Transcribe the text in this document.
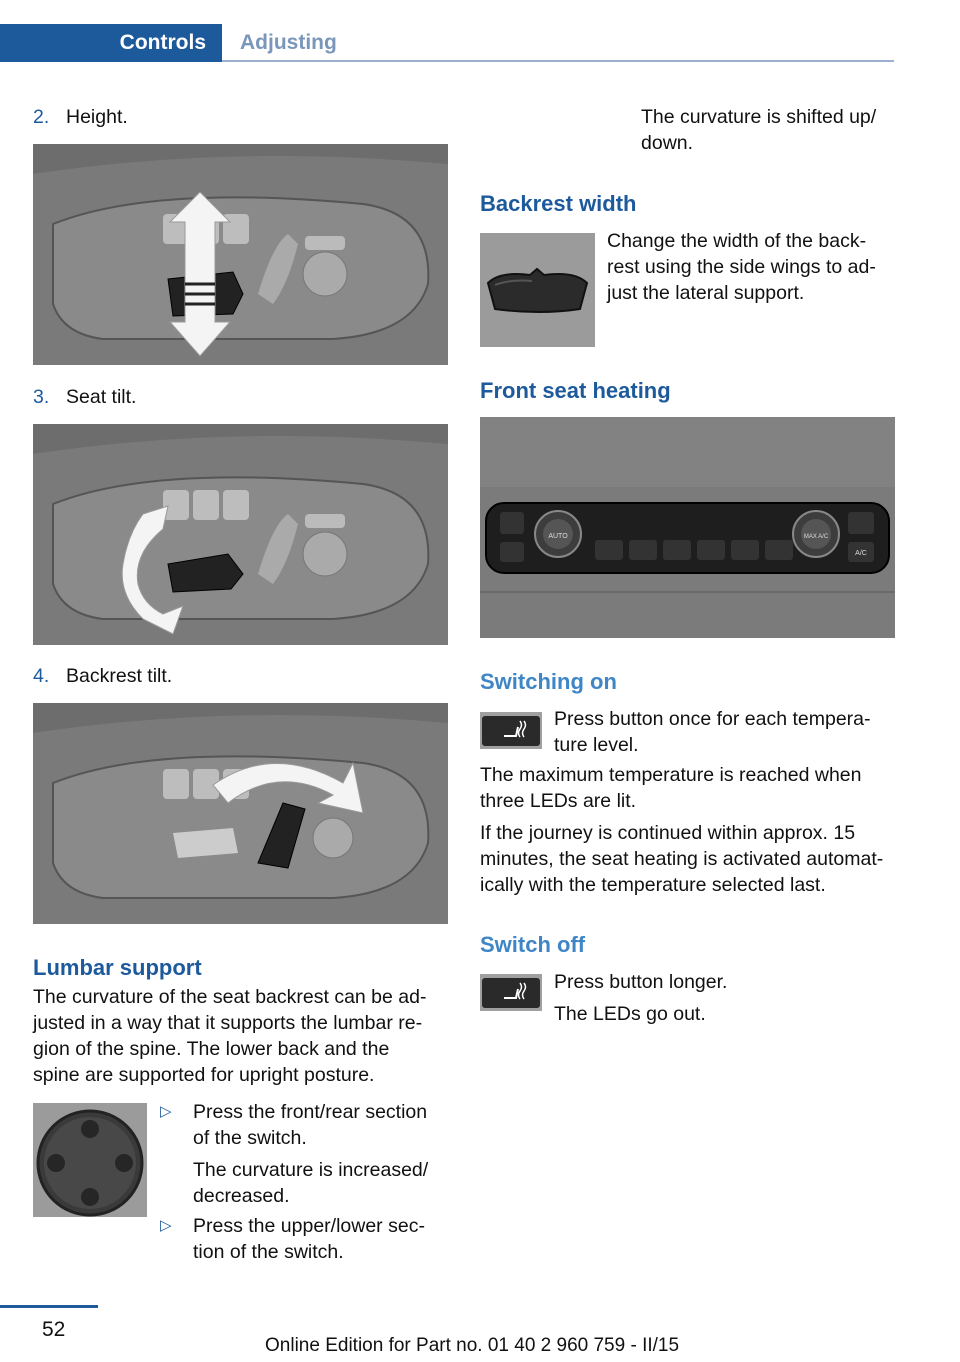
Controls	Adjusting
2. Height.
3. Seat tilt.
4. Backrest tilt.
Lumbar support
The curvature of the seat backrest can be ad‐
justed in a way that it supports the lumbar re‐
gion of the spine. The lower back and the
spine are supported for upright posture.
▷ Press the front/rear section
of the switch.
The curvature is increased/
decreased.
▷ Press the upper/lower sec‐
tion of the switch.
The curvature is shifted up/
down.
Backrest width
Change the width of the back‐
rest using the side wings to ad‐
just the lateral support.
Front seat heating
AUTO	MAX A/C
A/C
Switching on
Press button once for each tempera‐
ture level.
The maximum temperature is reached when
three LEDs are lit.
If the journey is continued within approx. 15
minutes, the seat heating is activated automat‐
ically with the temperature selected last.
Switch off
Press button longer.
The LEDs go out.
52
Online Edition for Part no. 01 40 2 960 759 - II/15
